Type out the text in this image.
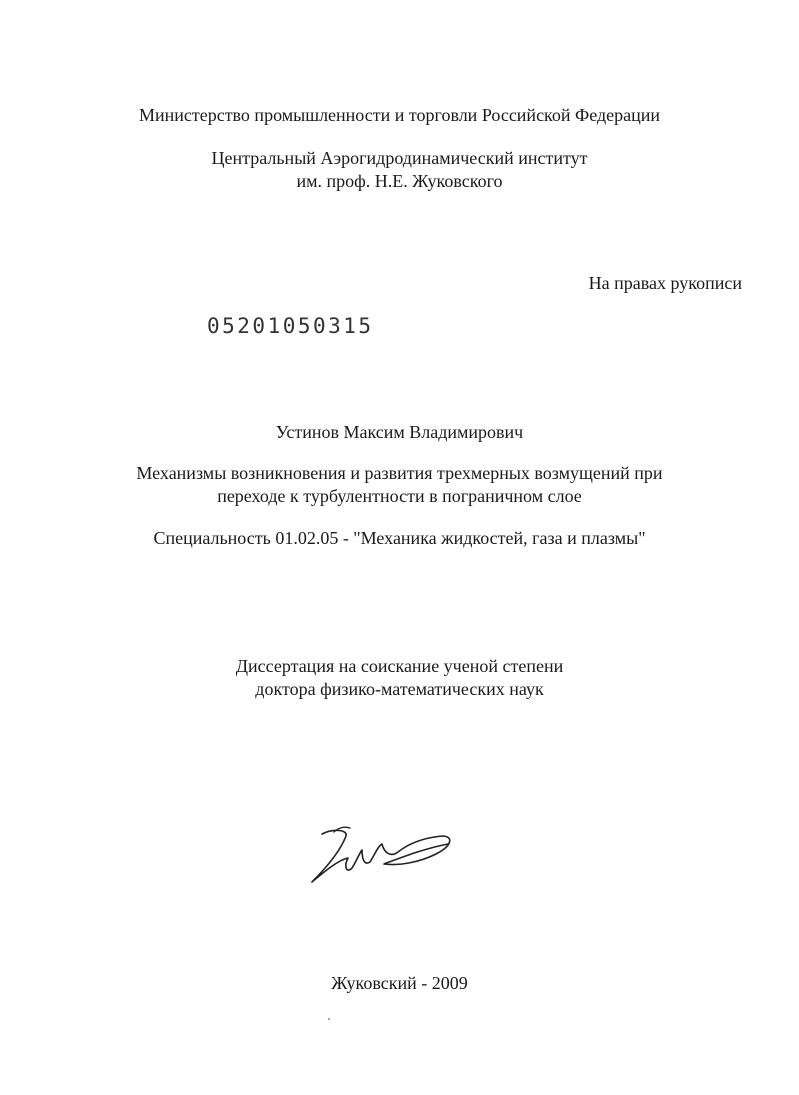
Министерство промышленности и торговли Российской Федерации
Центральный Аэрогидродинамический институт
им. проф. Н.Е. Жуковского
На правах рукописи
05201050315
Устинов Максим Владимирович
Механизмы возникновения и развития трехмерных возмущений при
переходе к турбулентности в пограничном слое
Специальность 01.02.05 - "Механика жидкостей, газа и плазмы"
Диссертация на соискание ученой степени
доктора физико-математических наук
Жуковский - 2009
